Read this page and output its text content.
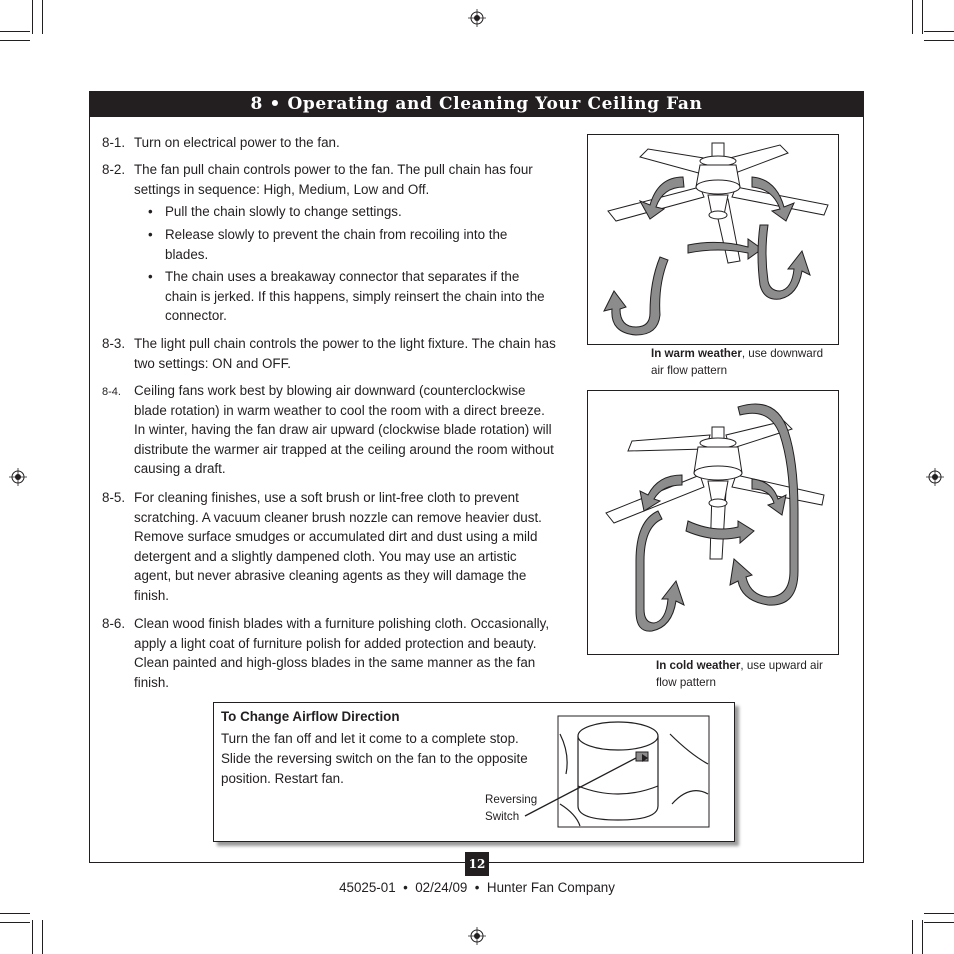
8 • Operating and Cleaning Your Ceiling Fan
8-1. Turn on electrical power to the fan.
8-2. The fan pull chain controls power to the fan. The pull chain has four settings in sequence: High, Medium, Low and Off.
• Pull the chain slowly to change settings.
• Release slowly to prevent the chain from recoiling into the blades.
• The chain uses a breakaway connector that separates if the chain is jerked. If this happens, simply reinsert the chain into the connector.
8-3. The light pull chain controls the power to the light fixture. The chain has two settings: ON and OFF.
8-4. Ceiling fans work best by blowing air downward (counterclockwise blade rotation) in warm weather to cool the room with a direct breeze. In winter, having the fan draw air upward (clockwise blade rotation) will distribute the warmer air trapped at the ceiling around the room without causing a draft.
8-5. For cleaning finishes, use a soft brush or lint-free cloth to prevent scratching. A vacuum cleaner brush nozzle can remove heavier dust. Remove surface smudges or accumulated dirt and dust using a mild detergent and a slightly dampened cloth. You may use an artistic agent, but never abrasive cleaning agents as they will damage the finish.
8-6. Clean wood finish blades with a furniture polishing cloth. Occasionally, apply a light coat of furniture polish for added protection and beauty. Clean painted and high-gloss blades in the same manner as the fan finish.
In warm weather, use downward air flow pattern
In cold weather, use upward air flow pattern
To Change Airflow Direction
Turn the fan off and let it come to a complete stop. Slide the reversing switch on the fan to the opposite position. Restart fan.
Reversing Switch
12
45025-01  •  02/24/09  •  Hunter Fan Company
